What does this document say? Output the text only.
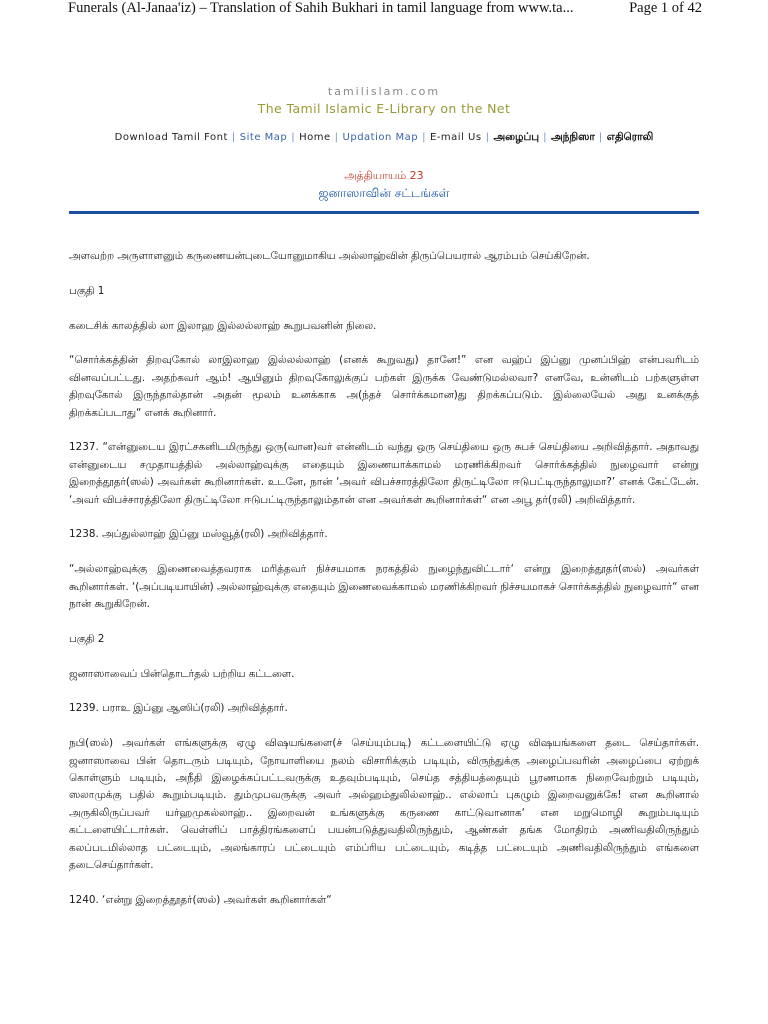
Funerals (Al-Janaa'iz) – Translation of Sahih Bukhari in tamil language from www.ta...	Page 1 of 42
tamilislam.com
The Tamil Islamic E-Library on the Net
Download Tamil Font | Site Map | Home | Updation Map | E-mail Us | அழைப்பு | அந்நிஸா | எதிரொலி
அத்தியாயம் 23
ஜனாஸாவின் சட்டங்கள்

அளவற்ற அருளாளனும் கருணையன்புடையோனுமாகிய அல்லாஹ்வின் திருப்பெயரால் ஆரம்பம் செய்கிறேன்.

பகுதி 1

கடைசிக் காலத்தில் லா இலாஹ இல்லல்லாஹ் கூறுபவனின் நிலை.

“சொர்க்கத்தின் திறவுகோல் லாஇலாஹ இல்லல்லாஹ் (எனக் கூறுவது) தானே!” என வஹ்ப் இப்னு முனப்பிஹ் என்பவரிடம் வினவப்பட்டது. அதற்கவர் ஆம்! ஆயினும் திறவுகோலுக்குப் பற்கள் இருக்க வேண்டுமல்லவா? எனவே, உன்னிடம் பற்களுள்ள திறவுகோல் இருந்தால்தான் அதன் மூலம் உனக்காக அ(ந்தச் சொர்க்கமான)து திறக்கப்படும். இல்லையேல் அது உனக்குத் திறக்கப்படாது“ எனக் கூறினார்.

1237. “என்னுடைய இரட்சகனிடமிருந்து ஒரு(வான)வர் என்னிடம் வந்து ஒரு செய்தியை ஒரு சுபச் செய்தியை அறிவித்தார். அதாவது என்னுடைய சமுதாயத்தில் அல்லாஹ்வுக்கு எதையும் இணையாக்காமல் மரணிக்கிறவர் சொர்க்கத்தில் நுழைவார் என்று இறைத்தூதர்(ஸல்) அவர்கள் கூறினார்கள். உடனே, நான் ‘அவர் விபச்சாரத்திலோ திருட்டிலோ ஈடுபட்டிருந்தாலுமா?’ எனக் கேட்டேன். ‘அவர் விபச்சாரத்திலோ திருட்டிலோ ஈடுபட்டிருந்தாலும்தான் என அவர்கள் கூறினார்கள்“ என அபூ தர்(ரலி) அறிவித்தார்.

1238. அப்துல்லாஹ் இப்னு மஸ்வூத்(ரலி) அறிவித்தார்.

“அல்லாஹ்வுக்கு இணைவைத்தவராக மரித்தவர் நிச்சயமாக நரகத்தில் நுழைந்துவிட்டார்‘ என்று இறைத்தூதர்(ஸல்) அவர்கள் கூறினார்கள். ‘(அப்படியாயின்) அல்லாஹ்வுக்கு எதையும் இணைவைக்காமல் மரணிக்கிறவர் நிச்சயமாகச் சொர்க்கத்தில் நுழைவார்“ என நான் கூறுகிறேன்.

பகுதி 2

ஜனாஸாவைப் பின்தொடர்தல் பற்றிய கட்டளை.

1239. பராஉ இப்னு ஆஸிப்(ரலி) அறிவித்தார்.

நபி(ஸல்) அவர்கள் எங்களுக்கு ஏழு விஷயங்களை(ச் செய்யும்படி) கட்டளையிட்டு ஏழு விஷயங்களை தடை செய்தார்கள். ஜனாஸாவை பின் தொடரும் படியும், நோயாளியை நலம் விசாரிக்கும் படியும், விருந்துக்கு அழைப்பவரின் அழைப்பை ஏற்றுக் கொள்ளும் படியும், அநீதி இழைக்கப்பட்டவருக்கு உதவும்படியும், செய்த சத்தியத்தையும் பூரணமாக நிறைவேற்றும் படியும், ஸலாமுக்கு பதில் கூறும்படியும். தும்முபவருக்கு அவர் அல்ஹம்துலில்லாஹ்.. எல்லாப் புகழும் இறைவனுக்கே! என கூறினால் அருகிலிருப்பவர் யர்ஹமுகல்லாஹ்.. இறைவன் உங்களுக்கு கருணை காட்டுவானாக‘ என மறுமொழி கூறும்படியும் கட்டளையிட்டார்கள். வெள்ளிப் பாத்திரங்களைப் பயன்படுத்துவதிலிருந்தும், ஆண்கள் தங்க மோதிரம் அணிவதிலிருந்தும் கலப்படமில்லாத பட்டையும், அலங்காரப் பட்டையும் எம்ப்ரிய பட்டையும், கடித்த பட்டையும் அணிவதிலிருந்தும் எங்களை தடைசெய்தார்கள்.

1240. ‘என்று இறைத்தூதர்(ஸல்) அவர்கள் கூறினார்கள்“
